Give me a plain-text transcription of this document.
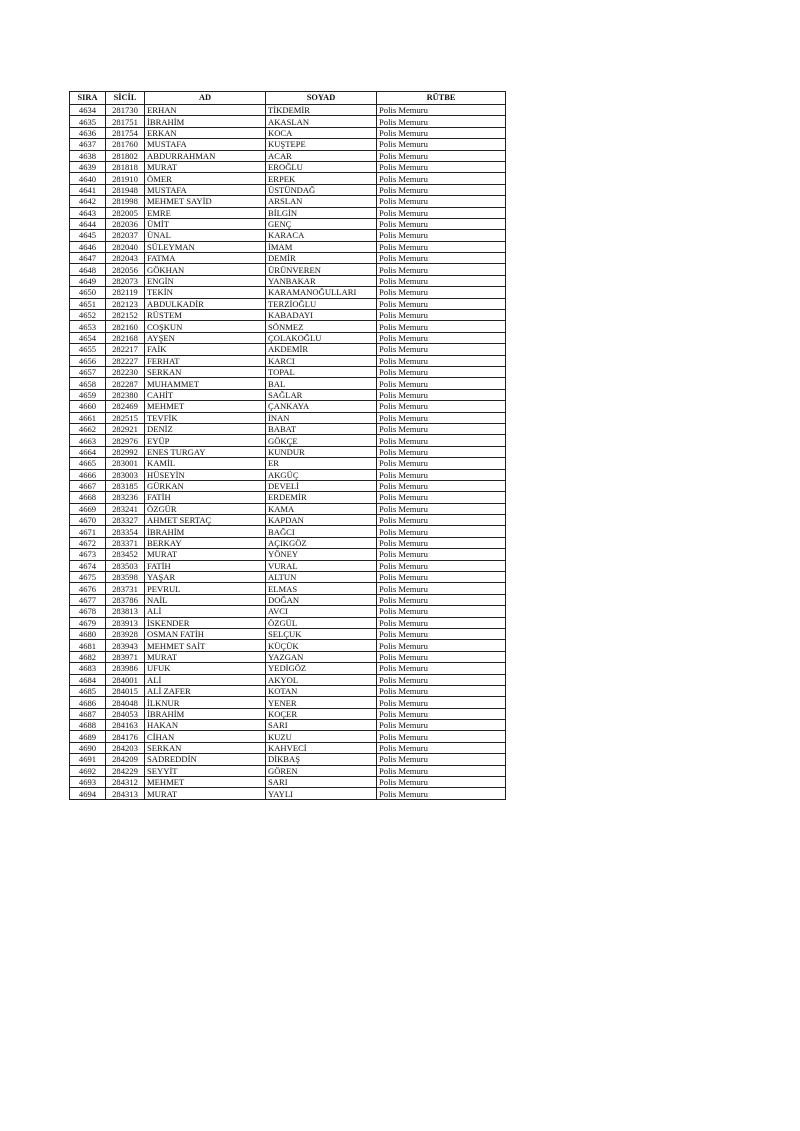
SIRA	SİCİL	AD	SOYAD	RÜTBE
4634	281730	ERHAN	TİKDEMİR	Polis Memuru
4635	281751	İBRAHİM	AKASLAN	Polis Memuru
4636	281754	ERKAN	KOCA	Polis Memuru
4637	281760	MUSTAFA	KUŞTEPE	Polis Memuru
4638	281802	ABDURRAHMAN	ACAR	Polis Memuru
4639	281818	MURAT	EROĞLU	Polis Memuru
4640	281910	ÖMER	ERPEK	Polis Memuru
4641	281948	MUSTAFA	ÜSTÜNDAĞ	Polis Memuru
4642	281998	MEHMET SAYİD	ARSLAN	Polis Memuru
4643	282005	EMRE	BİLGİN	Polis Memuru
4644	282036	ÜMİT	GENÇ	Polis Memuru
4645	282037	ÜNAL	KARACA	Polis Memuru
4646	282040	SÜLEYMAN	İMAM	Polis Memuru
4647	282043	FATMA	DEMİR	Polis Memuru
4648	282056	GÖKHAN	ÜRÜNVEREN	Polis Memuru
4649	282073	ENGİN	YANBAKAR	Polis Memuru
4650	282119	TEKİN	KARAMANOĞULLARI	Polis Memuru
4651	282123	ABDULKADİR	TERZİOĞLU	Polis Memuru
4652	282152	RÜSTEM	KABADAYI	Polis Memuru
4653	282160	COŞKUN	SÖNMEZ	Polis Memuru
4654	282168	AYŞEN	ÇOLAKOĞLU	Polis Memuru
4655	282217	FAİK	AKDEMİR	Polis Memuru
4656	282227	FERHAT	KARCI	Polis Memuru
4657	282230	SERKAN	TOPAL	Polis Memuru
4658	282287	MUHAMMET	BAL	Polis Memuru
4659	282380	CAHİT	SAĞLAR	Polis Memuru
4660	282469	MEHMET	ÇANKAYA	Polis Memuru
4661	282515	TEVFİK	İNAN	Polis Memuru
4662	282921	DENİZ	BABAT	Polis Memuru
4663	282976	EYÜP	GÖKÇE	Polis Memuru
4664	282992	ENES TURGAY	KUNDUR	Polis Memuru
4665	283001	KAMİL	ER	Polis Memuru
4666	283003	HÜSEYİN	AKGÜÇ	Polis Memuru
4667	283185	GÜRKAN	DEVELİ	Polis Memuru
4668	283236	FATİH	ERDEMİR	Polis Memuru
4669	283241	ÖZGÜR	KAMA	Polis Memuru
4670	283327	AHMET SERTAÇ	KAPDAN	Polis Memuru
4671	283354	İBRAHİM	BAĞCI	Polis Memuru
4672	283371	BERKAY	AÇIKGÖZ	Polis Memuru
4673	283452	MURAT	YÖNEY	Polis Memuru
4674	283503	FATİH	VURAL	Polis Memuru
4675	283598	YAŞAR	ALTUN	Polis Memuru
4676	283731	PEVRUL	ELMAS	Polis Memuru
4677	283786	NAİL	DOĞAN	Polis Memuru
4678	283813	ALİ	AVCI	Polis Memuru
4679	283913	İSKENDER	ÖZGÜL	Polis Memuru
4680	283928	OSMAN FATİH	SELÇUK	Polis Memuru
4681	283943	MEHMET SAİT	KÜÇÜK	Polis Memuru
4682	283971	MURAT	YAZGAN	Polis Memuru
4683	283986	UFUK	YEDİGÖZ	Polis Memuru
4684	284001	ALİ	AKYOL	Polis Memuru
4685	284015	ALİ ZAFER	KOTAN	Polis Memuru
4686	284048	İLKNUR	YENER	Polis Memuru
4687	284053	İBRAHİM	KOÇER	Polis Memuru
4688	284163	HAKAN	SARI	Polis Memuru
4689	284176	CİHAN	KUZU	Polis Memuru
4690	284203	SERKAN	KAHVECİ	Polis Memuru
4691	284209	SADREDDİN	DİKBAŞ	Polis Memuru
4692	284229	SEYYİT	GÖREN	Polis Memuru
4693	284312	MEHMET	SARI	Polis Memuru
4694	284313	MURAT	YAYLI	Polis Memuru
